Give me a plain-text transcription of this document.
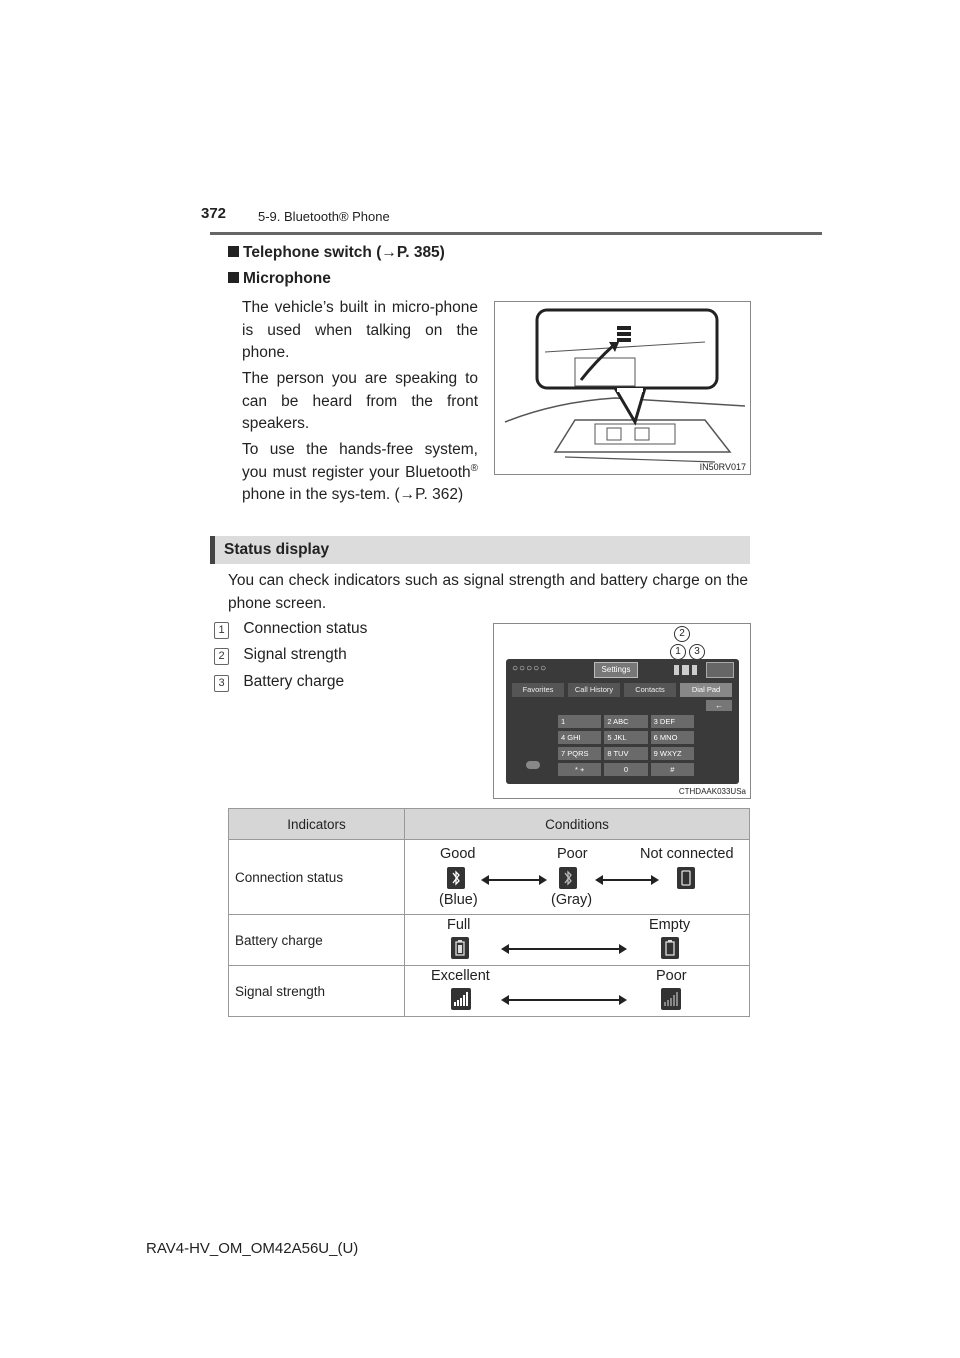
372 5-9. Bluetooth® Phone
Telephone switch (→P. 385)
Microphone
The vehicle’s built in micro-phone is used when talking on the phone.
The person you are speaking to can be heard from the front speakers.
To use the hands-free system, you must register your Bluetooth® phone in the sys-tem. (→P. 362)
IN50RV017
Status display
You can check indicators such as signal strength and battery charge on the phone screen.
1 Connection status
2 Signal strength
3 Battery charge
2
1	3
CTHDAAK033USa
○○○○○	Settings
Favorites	Call History	Contacts	Dial Pad
←
1	2 ABC	3 DEF
4 GHI	5 JKL	6 MNO
7 PQRS	8 TUV	9 WXYZ
* +	0	#
Indicators	Conditions
Connection status	Good Poor Not connected
(Blue) (Gray)

Battery charge	Full Empty

Signal strength	Excellent Poor
RAV4-HV_OM_OM42A56U_(U)
